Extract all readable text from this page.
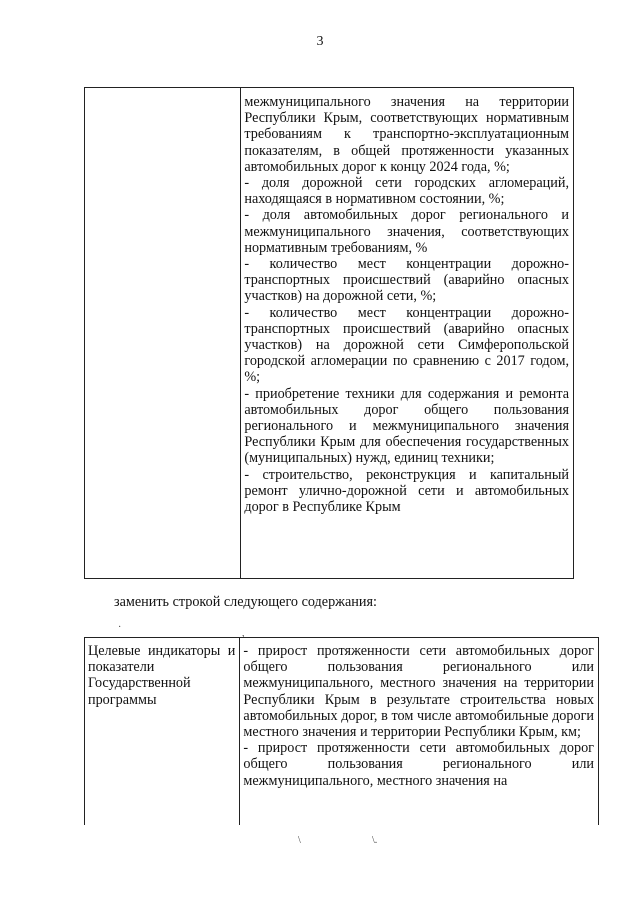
3
межмуниципального значения на территории Республики Крым, соответствующих нормативным требованиям к транспортно-эксплуатационным показателям, в общей протяженности указанных автомобильных дорог к концу 2024 года, %;
- доля дорожной сети городских агломераций, находящаяся в нормативном состоянии, %;
- доля автомобильных дорог регионального и межмуниципального значения, соответствующих нормативным требованиям, %
- количество мест концентрации дорожно-транспортных происшествий (аварийно опасных участков) на дорожной сети, %;
- количество мест концентрации дорожно-транспортных происшествий (аварийно опасных участков) на дорожной сети Симферопольской городской агломерации по сравнению с 2017 годом, %;
- приобретение техники для содержания и ремонта автомобильных дорог общего пользования регионального и межмуниципального значения Республики Крым для обеспечения государственных (муниципальных) нужд, единиц техники;
- строительство, реконструкция и капитальный ремонт улично-дорожной сети и автомобильных дорог в Республике Крым
заменить строкой следующего содержания:
·
,
Целевые индикаторы и показатели Государственной программы
- прирост протяженности сети автомобильных дорог общего пользования регионального или межмуниципального, местного значения на территории Республики Крым в результате строительства новых автомобильных дорог, в том числе автомобильные дороги местного значения и территории Республики Крым, км;
- прирост протяженности сети автомобильных дорог общего пользования регионального или межмуниципального, местного значения на
\	\.
